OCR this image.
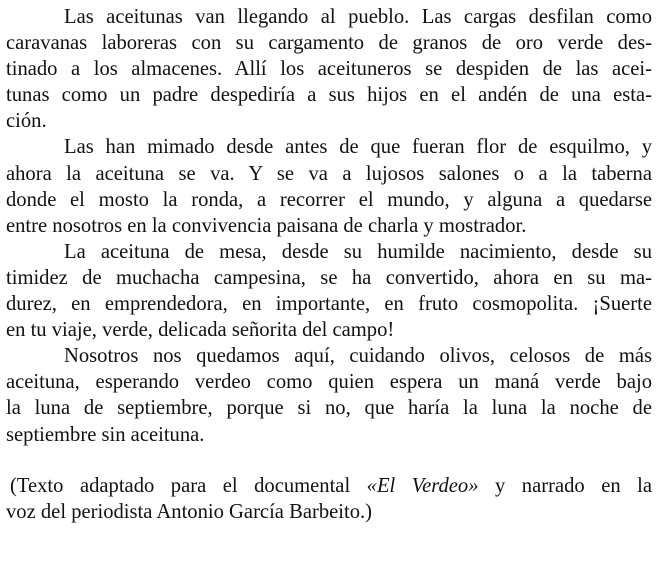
Las aceitunas van llegando al pueblo. Las cargas desfilan como
caravanas laboreras con su cargamento de granos de oro verde des-
tinado a los almacenes. Allí los aceituneros se despiden de las acei-
tunas como un padre despediría a sus hijos en el andén de una esta-
ción.
Las han mimado desde antes de que fueran flor de esquilmo, y
ahora la aceituna se va. Y se va a lujosos salones o a la taberna
donde el mosto la ronda, a recorrer el mundo, y alguna a quedarse
entre nosotros en la convivencia paisana de charla y mostrador.
La aceituna de mesa, desde su humilde nacimiento, desde su
timidez de muchacha campesina, se ha convertido, ahora en su ma-
durez, en emprendedora, en importante, en fruto cosmopolita. ¡Suerte
en tu viaje, verde, delicada señorita del campo!
Nosotros nos quedamos aquí, cuidando olivos, celosos de más
aceituna, esperando verdeo como quien espera un maná verde bajo
la luna de septiembre, porque si no, que haría la luna la noche de
septiembre sin aceituna.
(Texto adaptado para el documental «El Verdeo» y narrado en la
voz del periodista Antonio García Barbeito.)
